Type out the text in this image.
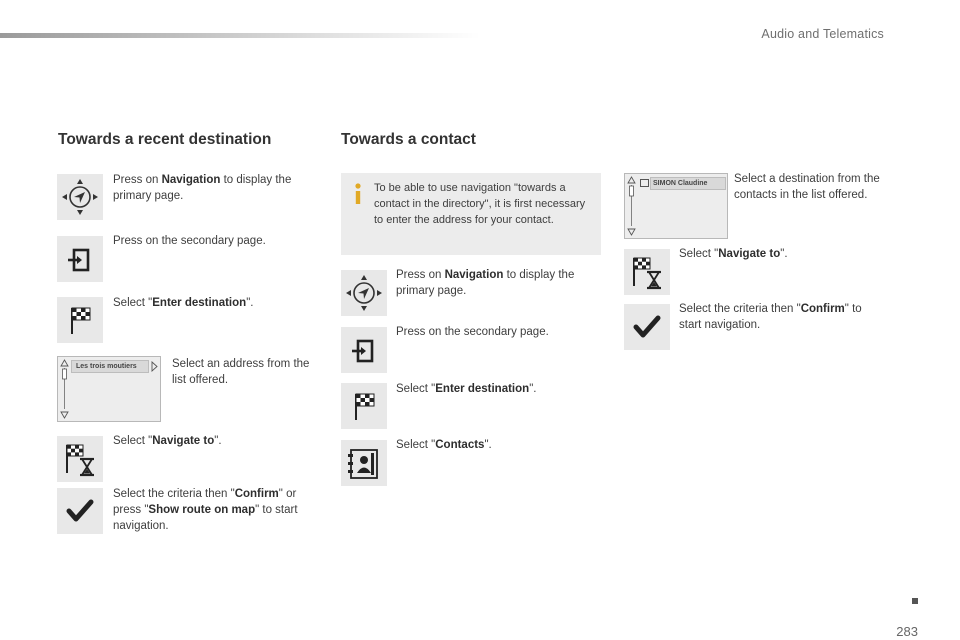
Audio and Telematics
Towards a recent destination
Press on Navigation to display the primary page.
Press on the secondary page.
Select "Enter destination".
Les trois moutiers	Select an address from the list offered.
Select "Navigate to".
Select the criteria then "Confirm" or press "Show route on map" to start navigation.
Towards a contact
To be able to use navigation "towards a contact in the directory", it is first necessary to enter the address for your contact.
Press on Navigation to display the primary page.
Press on the secondary page.
Select "Enter destination".
Select "Contacts".
SIMON Claudine	Select a destination from the contacts in the list offered.
Select "Navigate to".
Select the criteria then "Confirm" to start navigation.
283
